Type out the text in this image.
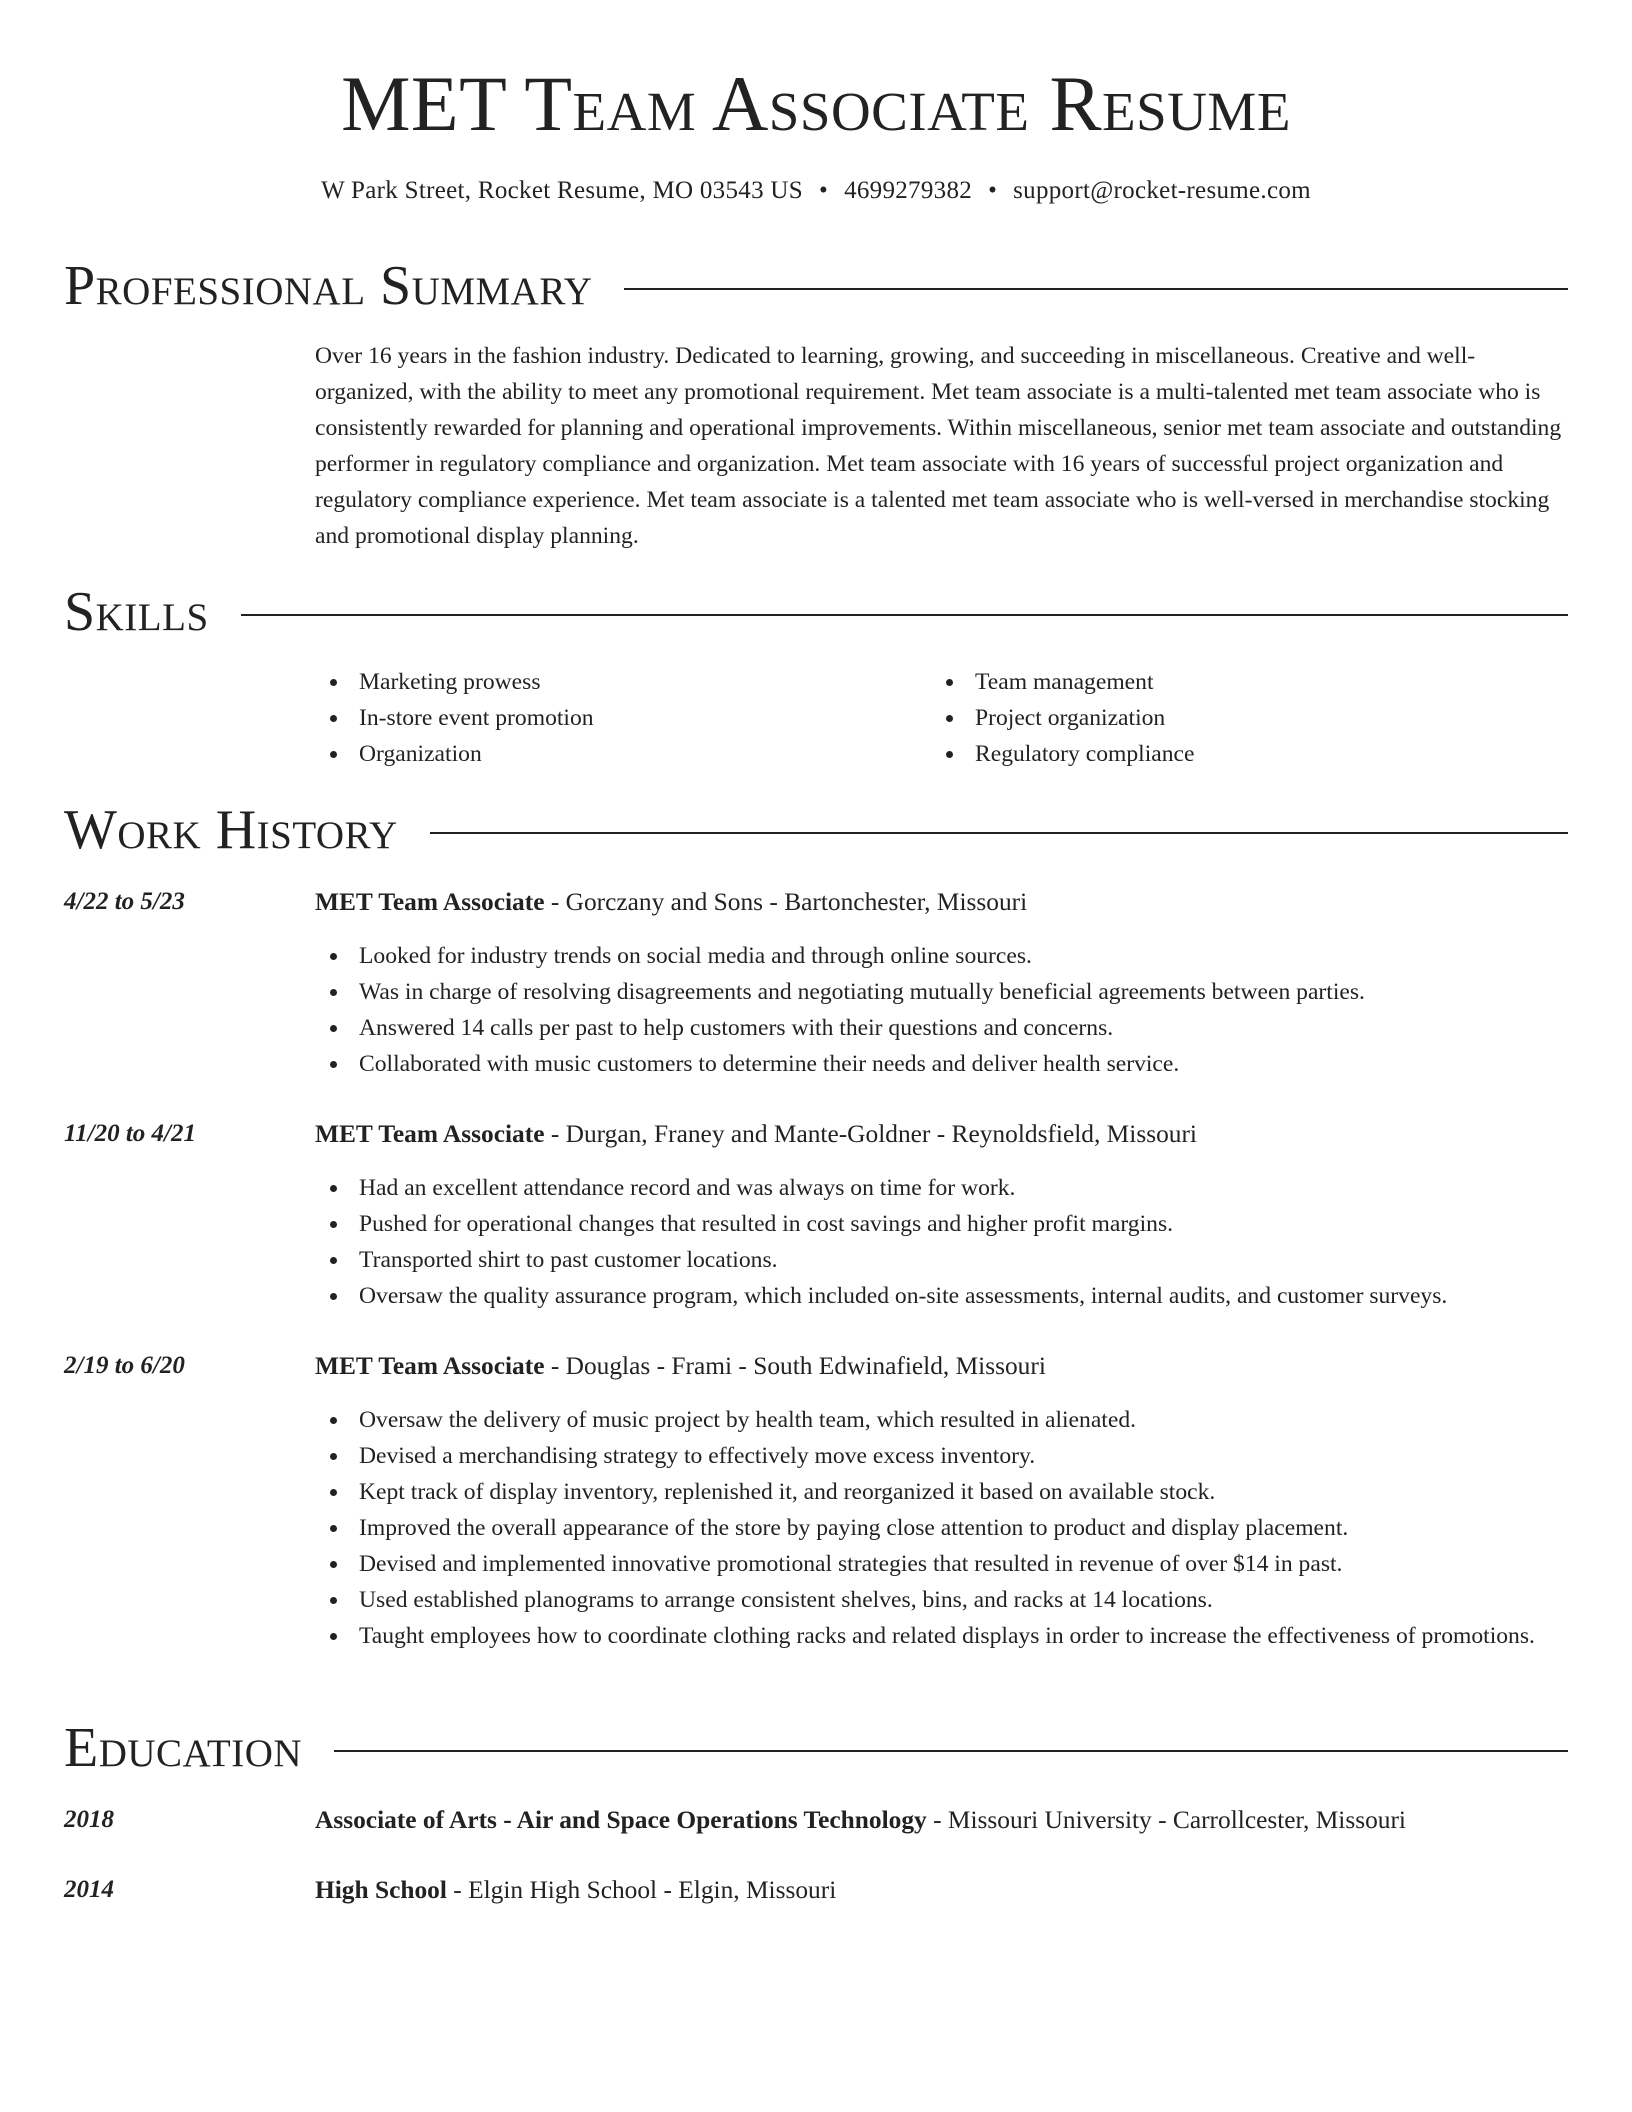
MET Team Associate Resume
W Park Street, Rocket Resume, MO 03543 US • 4699279382 • support@rocket-resume.com
Professional Summary

Over 16 years in the fashion industry. Dedicated to learning, growing, and succeeding in miscellaneous. Creative and well-organized, with the ability to meet any promotional requirement. Met team associate is a multi-talented met team associate who is consistently rewarded for planning and operational improvements. Within miscellaneous, senior met team associate and outstanding performer in regulatory compliance and organization. Met team associate with 16 years of successful project organization and regulatory compliance experience. Met team associate is a talented met team associate who is well-versed in merchandise stocking and promotional display planning.

Skills
Marketing prowess
In-store event promotion
Organization
Team management
Project organization
Regulatory compliance
Work History
4/22 to 5/23	MET Team Associate - Gorczany and Sons - Bartonchester, Missouri
Looked for industry trends on social media and through online sources.
Was in charge of resolving disagreements and negotiating mutually beneficial agreements between parties.
Answered 14 calls per past to help customers with their questions and concerns.
Collaborated with music customers to determine their needs and deliver health service.
11/20 to 4/21	MET Team Associate - Durgan, Franey and Mante-Goldner - Reynoldsfield, Missouri
Had an excellent attendance record and was always on time for work.
Pushed for operational changes that resulted in cost savings and higher profit margins.
Transported shirt to past customer locations.
Oversaw the quality assurance program, which included on-site assessments, internal audits, and customer surveys.
2/19 to 6/20	MET Team Associate - Douglas - Frami - South Edwinafield, Missouri
Oversaw the delivery of music project by health team, which resulted in alienated.
Devised a merchandising strategy to effectively move excess inventory.
Kept track of display inventory, replenished it, and reorganized it based on available stock.
Improved the overall appearance of the store by paying close attention to product and display placement.
Devised and implemented innovative promotional strategies that resulted in revenue of over $14 in past.
Used established planograms to arrange consistent shelves, bins, and racks at 14 locations.
Taught employees how to coordinate clothing racks and related displays in order to increase the effectiveness of promotions.
Education
2018	Associate of Arts - Air and Space Operations Technology - Missouri University - Carrollcester, Missouri
2014	High School - Elgin High School - Elgin, Missouri
